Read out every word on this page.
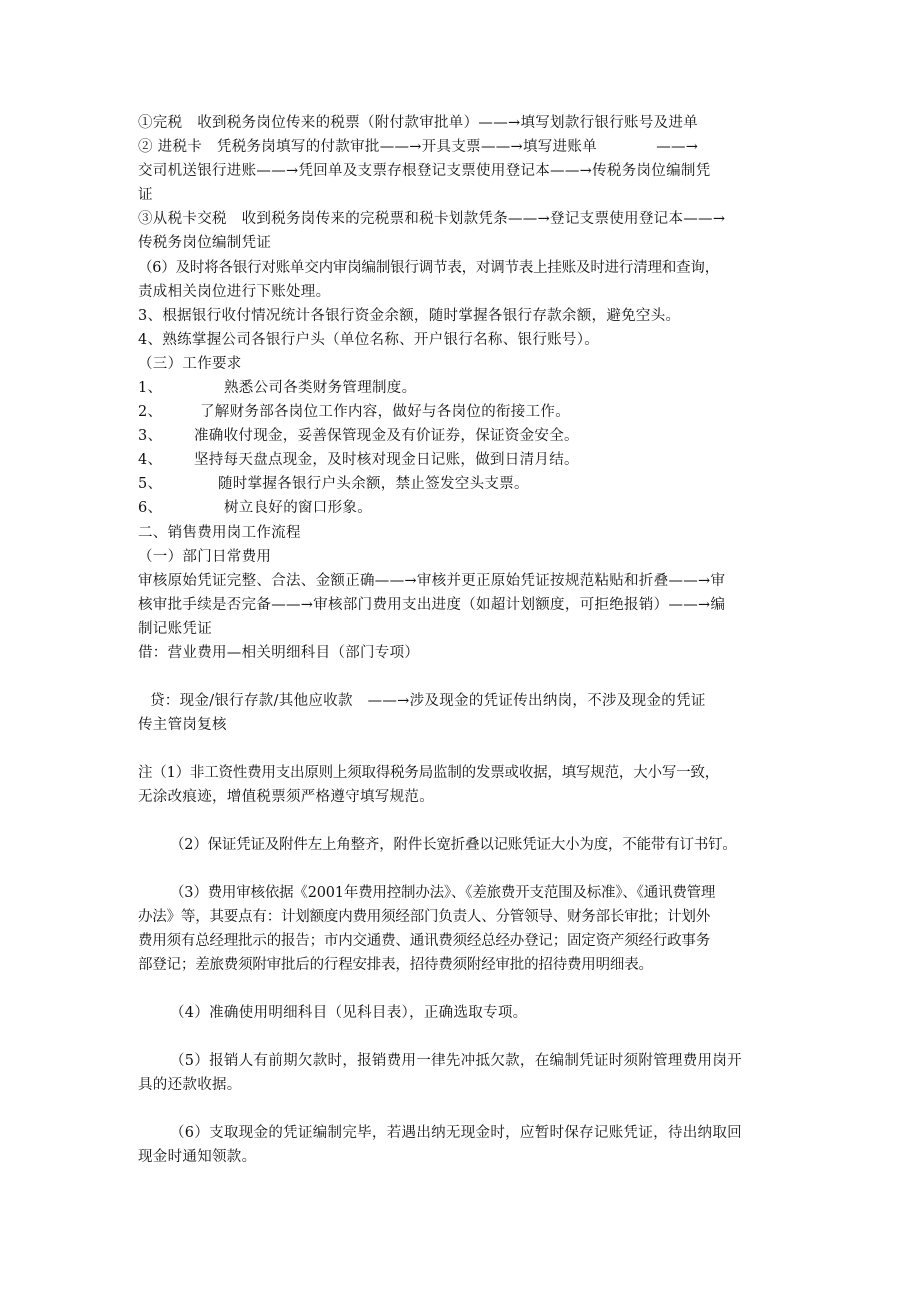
①完税　收到税务岗位传来的税票（附付款审批单）——→填写划款行银行账号及进单
② 进税卡　凭税务岗填写的付款审批——→开具支票——→填写进账单　　　　——→
交司机送银行进账——→凭回单及支票存根登记支票使用登记本——→传税务岗位编制凭
证
③从税卡交税　收到税务岗传来的完税票和税卡划款凭条——→登记支票使用登记本——→
传税务岗位编制凭证
（6）及时将各银行对账单交内审岗编制银行调节表，对调节表上挂账及时进行清理和查询，
责成相关岗位进行下账处理。
3、根据银行收付情况统计各银行资金余额，随时掌握各银行存款余额，避免空头。
4、熟练掌握公司各银行户头（单位名称、开户银行名称、银行账号）。
（三）工作要求
1、	熟悉公司各类财务管理制度。
2、	了解财务部各岗位工作内容，做好与各岗位的衔接工作。
3、 准确收付现金，妥善保管现金及有价证券，保证资金安全。
4、 坚持每天盘点现金，及时核对现金日记账，做到日清月结。
5、	随时掌握各银行户头余额，禁止签发空头支票。
6、	树立良好的窗口形象。
二、销售费用岗工作流程
（一）部门日常费用
审核原始凭证完整、合法、金额正确——→审核并更正原始凭证按规范粘贴和折叠——→审
核审批手续是否完备——→审核部门费用支出进度（如超计划额度，可拒绝报销）——→编
制记账凭证
借：营业费用—相关明细科目（部门专项）
贷：现金/银行存款/其他应收款　——→涉及现金的凭证传出纳岗，不涉及现金的凭证
传主管岗复核
注（1）非工资性费用支出原则上须取得税务局监制的发票或收据，填写规范，大小写一致，
无涂改痕迹，增值税票须严格遵守填写规范。
（2）保证凭证及附件左上角整齐，附件长宽折叠以记账凭证大小为度，不能带有订书钉。
（3）费用审核依据《2001年费用控制办法》、《差旅费开支范围及标准》、《通讯费管理
办法》等，其要点有：计划额度内费用须经部门负责人、分管领导、财务部长审批；计划外
费用须有总经理批示的报告；市内交通费、通讯费须经总经办登记；固定资产须经行政事务
部登记；差旅费须附审批后的行程安排表，招待费须附经审批的招待费用明细表。
（4）准确使用明细科目（见科目表），正确选取专项。
（5）报销人有前期欠款时，报销费用一律先冲抵欠款，在编制凭证时须附管理费用岗开
具的还款收据。
（6）支取现金的凭证编制完毕，若遇出纳无现金时，应暂时保存记账凭证，待出纳取回
现金时通知领款。
